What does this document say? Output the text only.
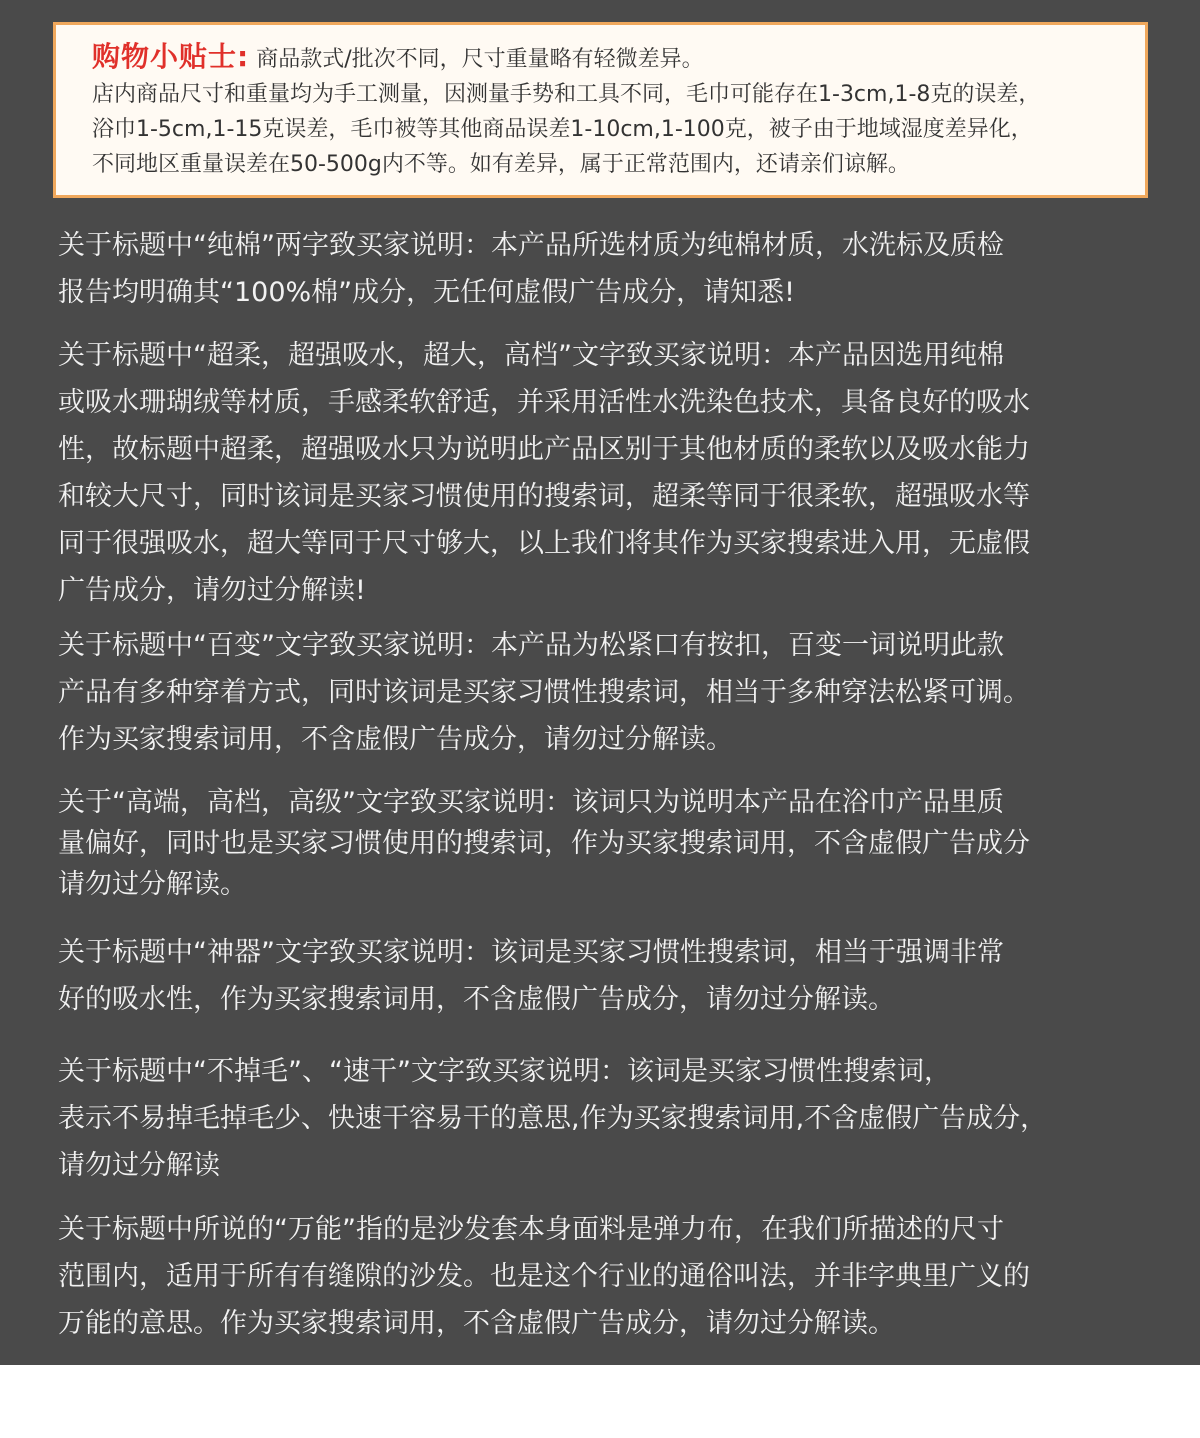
购物小贴士: 商品款式/批次不同，尺寸重量略有轻微差异。
店内商品尺寸和重量均为手工测量，因测量手势和工具不同，毛巾可能存在1-3cm,1-8克的误差，
浴巾1-5cm,1-15克误差，毛巾被等其他商品误差1-10cm,1-100克，被子由于地域湿度差异化，
不同地区重量误差在50-500g内不等。如有差异，属于正常范围内，还请亲们谅解。
关于标题中“纯棉”两字致买家说明：本产品所选材质为纯棉材质，水洗标及质检
报告均明确其“100%棉”成分，无任何虚假广告成分，请知悉!
关于标题中“超柔，超强吸水，超大，高档”文字致买家说明：本产品因选用纯棉
或吸水珊瑚绒等材质，手感柔软舒适，并采用活性水洗染色技术，具备良好的吸水
性，故标题中超柔，超强吸水只为说明此产品区别于其他材质的柔软以及吸水能力
和较大尺寸，同时该词是买家习惯使用的搜索词，超柔等同于很柔软，超强吸水等
同于很强吸水，超大等同于尺寸够大，以上我们将其作为买家搜索进入用，无虚假
广告成分，请勿过分解读!
关于标题中“百变”文字致买家说明：本产品为松紧口有按扣，百变一词说明此款
产品有多种穿着方式，同时该词是买家习惯性搜索词，相当于多种穿法松紧可调。
作为买家搜索词用，不含虚假广告成分，请勿过分解读。
关于“高端，高档，高级”文字致买家说明：该词只为说明本产品在浴巾产品里质
量偏好，同时也是买家习惯使用的搜索词，作为买家搜索词用，不含虚假广告成分
请勿过分解读。
关于标题中“神器”文字致买家说明：该词是买家习惯性搜索词，相当于强调非常
好的吸水性，作为买家搜索词用，不含虚假广告成分，请勿过分解读。
关于标题中“不掉毛”、“速干”文字致买家说明：该词是买家习惯性搜索词，
表示不易掉毛掉毛少、快速干容易干的意思,作为买家搜索词用,不含虚假广告成分，
请勿过分解读
关于标题中所说的“万能”指的是沙发套本身面料是弹力布，在我们所描述的尺寸
范围内，适用于所有有缝隙的沙发。也是这个行业的通俗叫法，并非字典里广义的
万能的意思。作为买家搜索词用，不含虚假广告成分，请勿过分解读。
